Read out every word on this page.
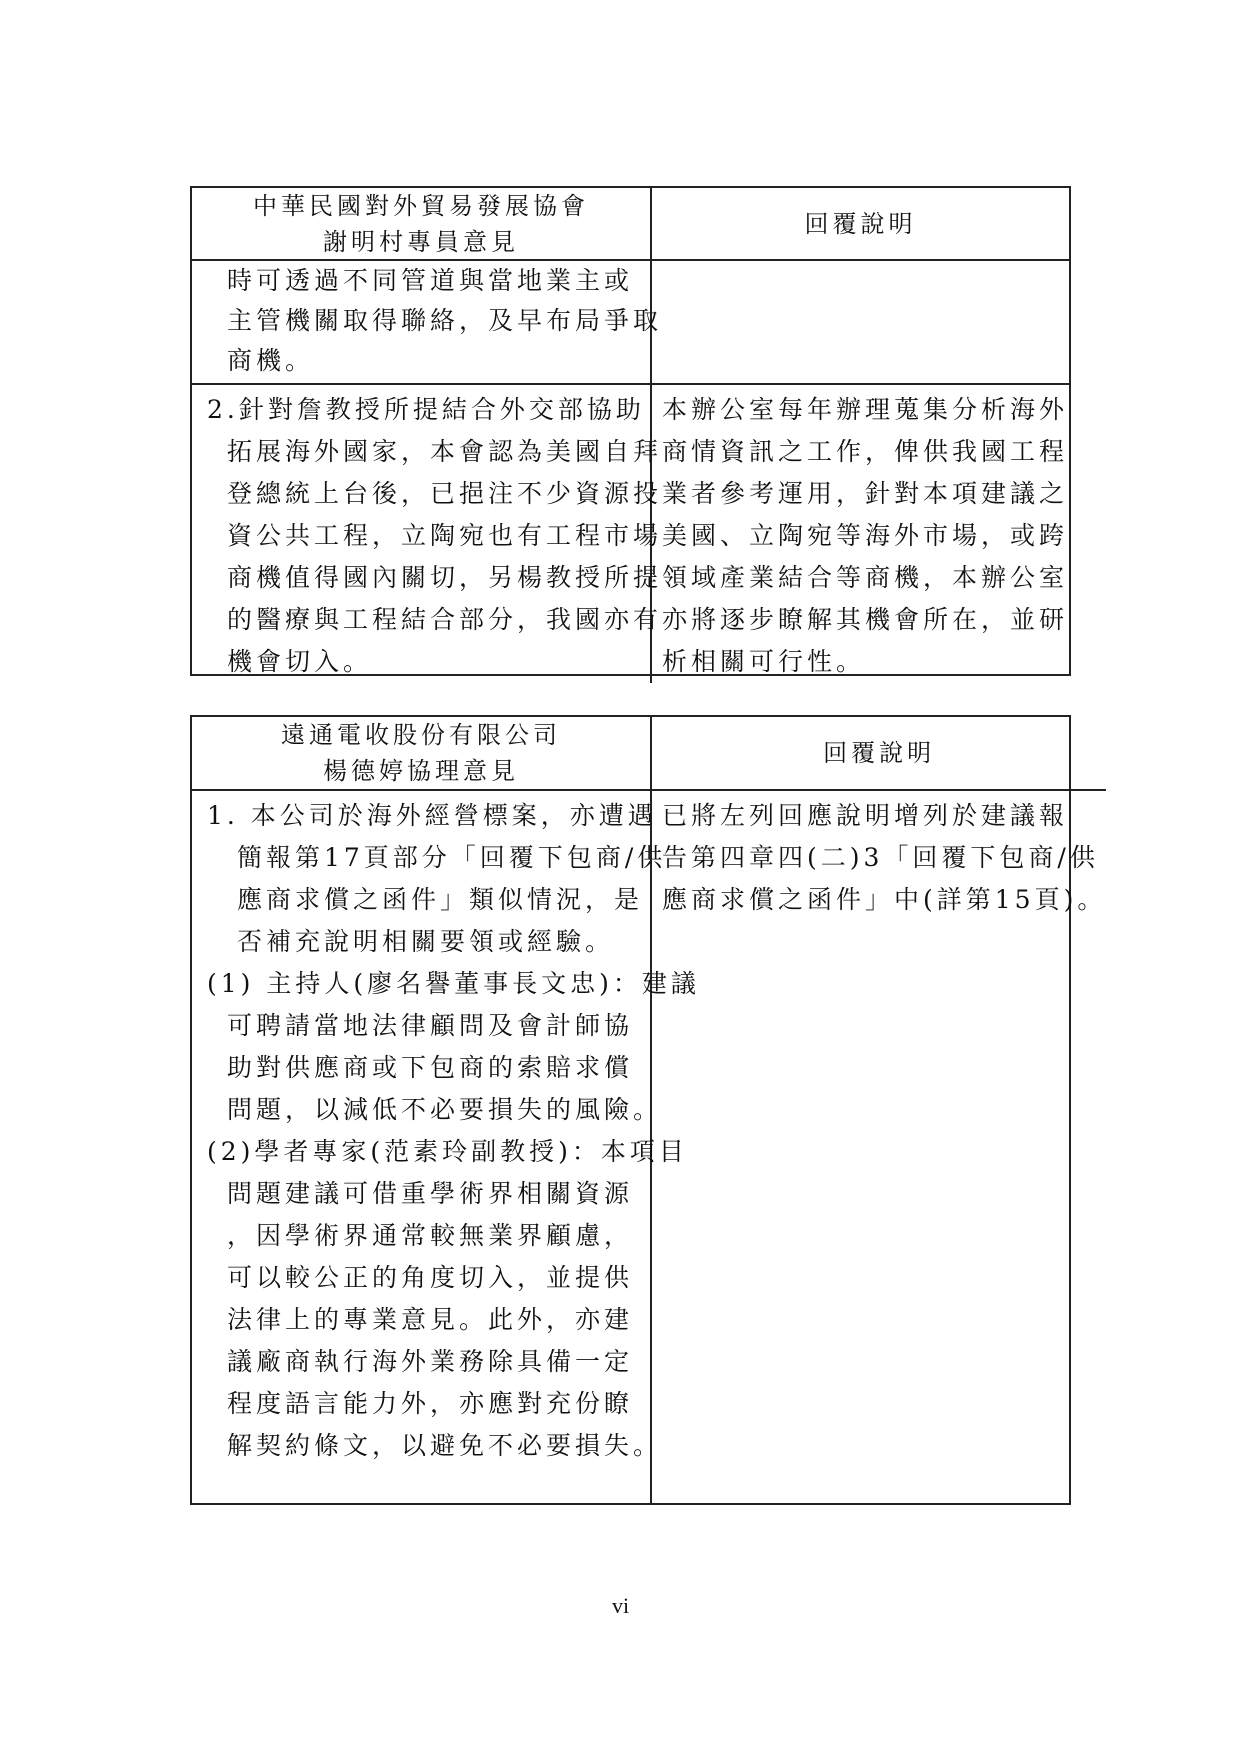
中華民國對外貿易發展協會
謝明村專員意見
回覆說明
時可透過不同管道與當地業主或
主管機關取得聯絡，及早布局爭取
商機。
2.針對詹教授所提結合外交部協助
拓展海外國家，本會認為美國自拜
登總統上台後，已挹注不少資源投
資公共工程，立陶宛也有工程市場
商機值得國內關切，另楊教授所提
的醫療與工程結合部分，我國亦有
機會切入。
本辦公室每年辦理蒐集分析海外
商情資訊之工作，俾供我國工程
業者參考運用，針對本項建議之
美國、立陶宛等海外市場，或跨
領域產業結合等商機，本辦公室
亦將逐步瞭解其機會所在，並研
析相關可行性。
遠通電收股份有限公司
楊德婷協理意見
回覆說明
1. 本公司於海外經營標案，亦遭遇
簡報第17頁部分「回覆下包商/供
應商求償之函件」類似情況，是
否補充說明相關要領或經驗。
(1) 主持人(廖名譽董事長文忠)：建議
可聘請當地法律顧問及會計師協
助對供應商或下包商的索賠求償
問題，以減低不必要損失的風險。
(2)學者專家(范素玲副教授)：本項目
問題建議可借重學術界相關資源
，因學術界通常較無業界顧慮，
可以較公正的角度切入，並提供
法律上的專業意見。此外，亦建
議廠商執行海外業務除具備一定
程度語言能力外，亦應對充份瞭
解契約條文，以避免不必要損失。
已將左列回應說明增列於建議報
告第四章四(二)3「回覆下包商/供
應商求償之函件」中(詳第15頁)。
vi
